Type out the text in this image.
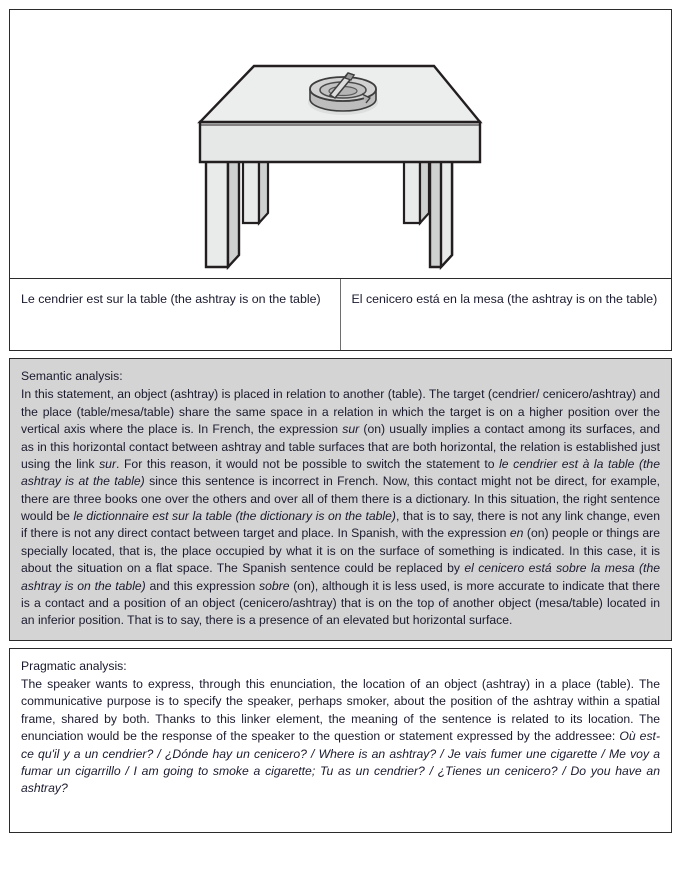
Le cendrier est sur la table (the ashtray is on the table)	El cenicero está en la mesa (the ashtray is on the table)
Semantic analysis:

In this statement, an object (ashtray) is placed in relation to another (table). The target (cendrier/ cenicero/ashtray) and the place (table/mesa/table) share the same space in a relation in which the target is on a higher position over the vertical axis where the place is. In French, the expression sur (on) usually implies a contact among its surfaces, and as in this horizontal contact between ashtray and table surfaces that are both horizontal, the relation is established just using the link sur. For this reason, it would not be possible to switch the statement to le cendrier est à la table (the ashtray is at the table) since this sentence is incorrect in French. Now, this contact might not be direct, for example, there are three books one over the others and over all of them there is a dictionary. In this situation, the right sentence would be le dictionnaire est sur la table (the dictionary is on the table), that is to say, there is not any link change, even if there is not any direct contact between target and place. In Spanish, with the expression en (on) people or things are specially located, that is, the place occupied by what it is on the surface of something is indicated. In this case, it is about the situation on a flat space. The Spanish sentence could be replaced by el cenicero está sobre la mesa (the ashtray is on the table) and this expression sobre (on), although it is less used, is more accurate to indicate that there is a contact and a position of an object (cenicero/ashtray) that is on the top of another object (mesa/table) located in an inferior position. That is to say, there is a presence of an elevated but horizontal surface.

Pragmatic analysis:

The speaker wants to express, through this enunciation, the location of an object (ashtray) in a place (table). The communicative purpose is to specify the speaker, perhaps smoker, about the position of the ashtray within a spatial frame, shared by both. Thanks to this linker element, the meaning of the sentence is related to its location. The enunciation would be the response of the speaker to the question or statement expressed by the addressee: Où est-ce qu'il y a un cendrier? / ¿Dónde hay un cenicero? / Where is an ashtray? / Je vais fumer une cigarette / Me voy a fumar un cigarrillo / I am going to smoke a cigarette; Tu as un cendrier? / ¿Tienes un cenicero? / Do you have an ashtray?
